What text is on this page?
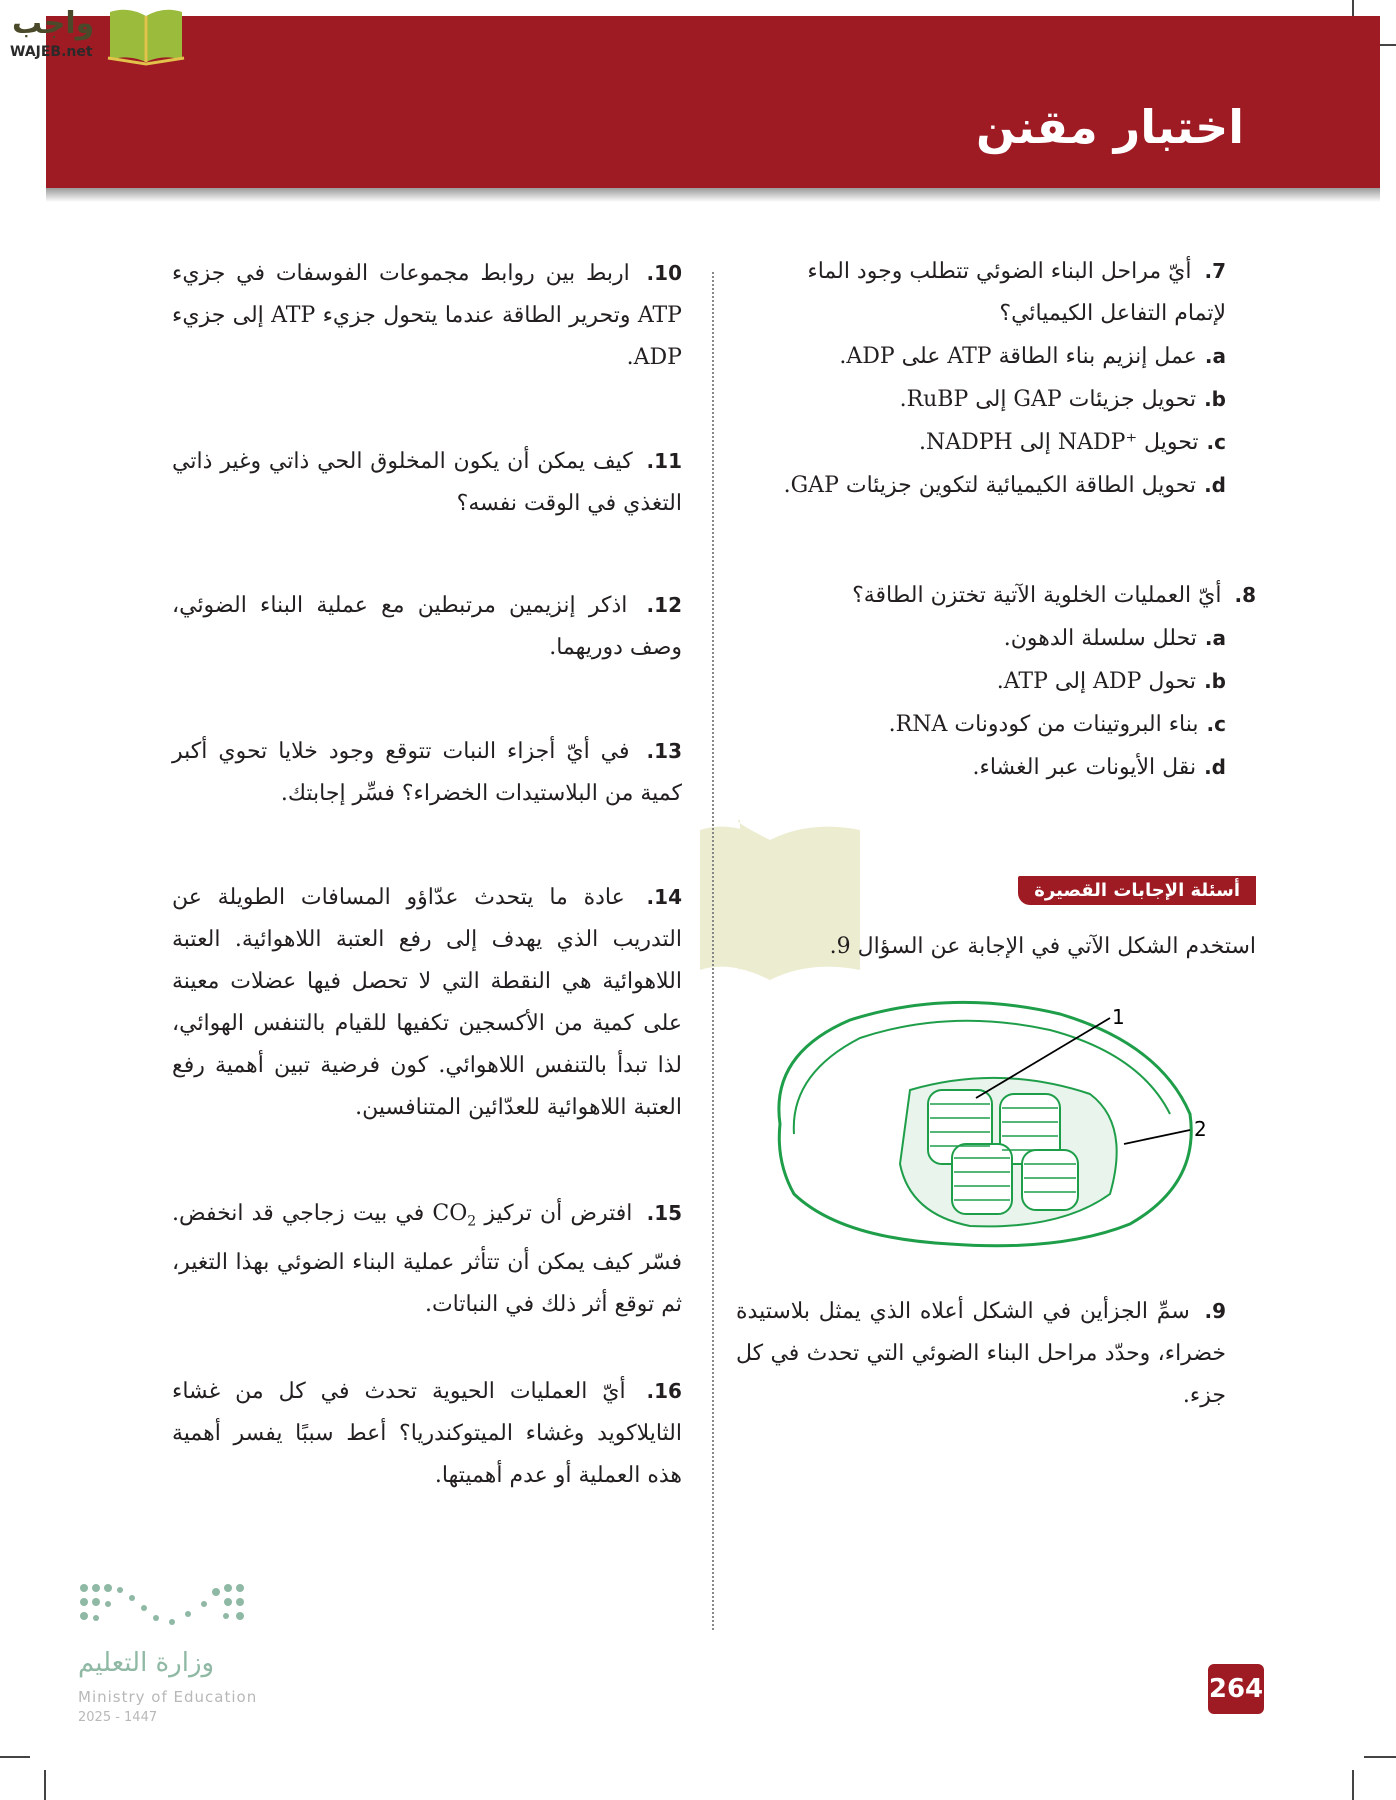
اختبار مقنن
واجب
WAJEB.net
7. أيّ مراحل البناء الضوئي تتطلب وجود الماء لإتمام التفاعل الكيميائي؟
a.عمل إنزيم بناء الطاقة ATP على ADP.
b.تحويل جزيئات GAP إلى RuBP.
c.تحويل ⁺NADP إلى NADPH.
d.تحويل الطاقة الكيميائية لتكوين جزيئات GAP.
8. أيّ العمليات الخلوية الآتية تختزن الطاقة؟
a.تحلل سلسلة الدهون.
b.تحول ADP إلى ATP.
c.بناء البروتينات من كودونات RNA.
d.نقل الأيونات عبر الغشاء.
أسئلة الإجابات القصيرة
استخدم الشكل الآتي في الإجابة عن السؤال 9.
1
2
9. سمِّ الجزأين في الشكل أعلاه الذي يمثل بلاستيدة خضراء، وحدّد مراحل البناء الضوئي التي تحدث في كل جزء.
10. اربط بين روابط مجموعات الفوسفات في جزيء ATP وتحرير الطاقة عندما يتحول جزيء ATP إلى جزيء ADP.
11. كيف يمكن أن يكون المخلوق الحي ذاتي وغير ذاتي التغذي في الوقت نفسه؟
12. اذكر إنزيمين مرتبطين مع عملية البناء الضوئي، وصف دوريهما.
13. في أيّ أجزاء النبات تتوقع وجود خلايا تحوي أكبر كمية من البلاستيدات الخضراء؟ فسِّر إجابتك.
14. عادة ما يتحدث عدّاؤو المسافات الطويلة عن التدريب الذي يهدف إلى رفع العتبة اللاهوائية. العتبة اللاهوائية هي النقطة التي لا تحصل فيها عضلات معينة على كمية من الأكسجين تكفيها للقيام بالتنفس الهوائي، لذا تبدأ بالتنفس اللاهوائي. كون فرضية تبين أهمية رفع العتبة اللاهوائية للعدّائين المتنافسين.
15. افترض أن تركيز $CO_2$ في بيت زجاجي قد انخفض. فسّر كيف يمكن أن تتأثر عملية البناء الضوئي بهذا التغير، ثم توقع أثر ذلك في النباتات.
16. أيّ العمليات الحيوية تحدث في كل من غشاء الثايلاكويد وغشاء الميتوكندريا؟ أعط سببًا يفسر أهمية هذه العملية أو عدم أهميتها.
264
وزارة التعليم
Ministry of Education
2025 - 1447
